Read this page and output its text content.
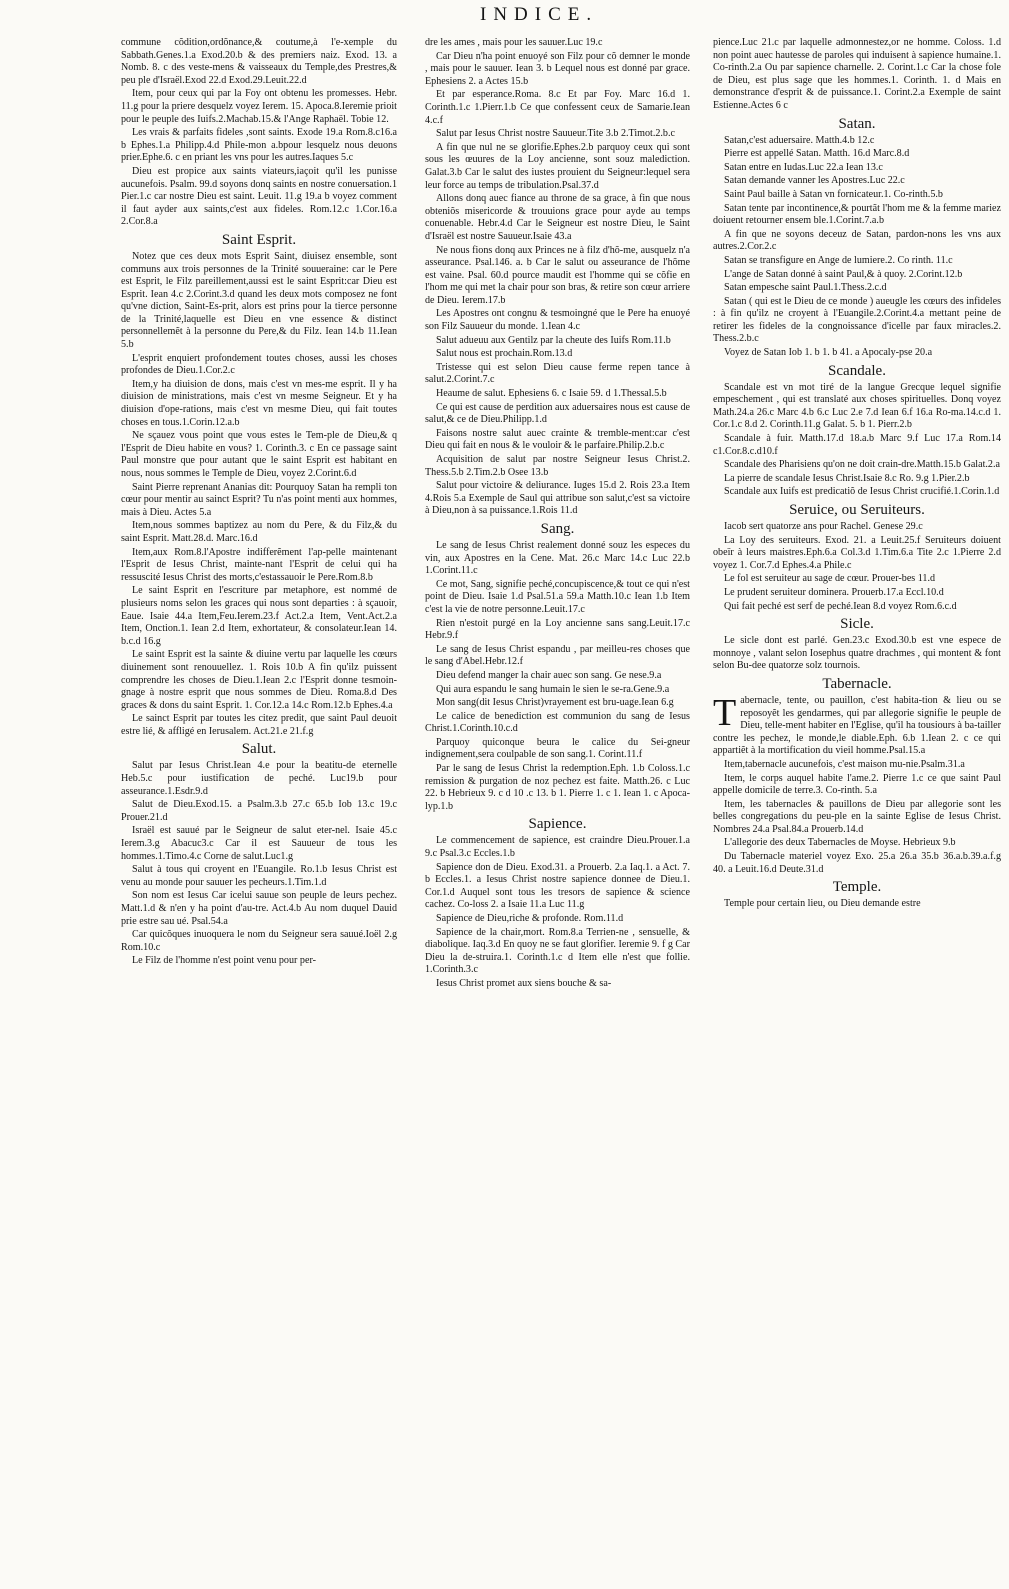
INDICE.

commune cõdition,ordõnance,& coutume,à l'e-xemple du Sabbath.Genes.1.a Exod.20.b & des premiers naiz. Exod. 13. a Nomb. 8. c des veste-mens & vaisseaux du Temple,des Prestres,& peu ple d'Israël.Exod 22.d Exod.29.Leuit.22.d

Item, pour ceux qui par la Foy ont obtenu les promesses. Hebr. 11.g pour la priere desquelz voyez Ierem. 15. Apoca.8.Ieremie prioit pour le peuple des Iuifs.2.Machab.15.& l'Ange Raphaël. Tobie 12.

Les vrais & parfaits fideles ,sont saints. Exode 19.a Rom.8.c16.a b Ephes.1.a Philipp.4.d Phile-mon a.bpour lesquelz nous deuons prier.Ephe.6. c en priant les vns pour les autres.Iaques 5.c

Dieu est propice aux saints viateurs,iaçoit qu'il les punisse aucunefois. Psalm. 99.d soyons donq saints en nostre conuersation.1 Pier.1.c car nostre Dieu est saint. Leuit. 11.g 19.a b voyez comment il faut ayder aux saints,c'est aux fideles. Rom.12.c 1.Cor.16.a 2.Cor.8.a

Saint Esprit.

Notez que ces deux mots Esprit Saint, diuisez ensemble, sont communs aux trois personnes de la Trinité souueraine: car le Pere est Esprit, le Filz pareillement,aussi est le saint Esprit:car Dieu est Esprit. Iean 4.c 2.Corint.3.d quand les deux mots composez ne font qu'vne diction, Saint-Es-prit, alors est prins pour la tierce personne de la Trinité,laquelle est Dieu en vne essence & distinct personnellemẽt à la personne du Pere,& du Filz. Iean 14.b 11.Iean 5.b

L'esprit enquiert profondement toutes choses, aussi les choses profondes de Dieu.1.Cor.2.c

Item,y ha diuision de dons, mais c'est vn mes-me esprit. Il y ha diuision de ministrations, mais c'est vn mesme Seigneur. Et y ha diuision d'ope-rations, mais c'est vn mesme Dieu, qui fait toutes choses en tous.1.Corin.12.a.b

Ne sçauez vous point que vous estes le Tem-ple de Dieu,& q l'Esprit de Dieu habite en vous? 1. Corinth.3. c En ce passage saint Paul monstre que pour autant que le saint Esprit est habitant en nous, nous sommes le Temple de Dieu, voyez 2.Corint.6.d

Saint Pierre reprenant Ananias dit: Pourquoy Satan ha rempli ton cœur pour mentir au sainct Esprit? Tu n'as point menti aux hommes, mais à Dieu. Actes 5.a

Item,nous sommes baptizez au nom du Pere, & du Filz,& du saint Esprit. Matt.28.d. Marc.16.d

Item,aux Rom.8.l'Apostre indifferẽment l'ap-pelle maintenant l'Esprit de Iesus Christ, mainte-nant l'Esprit de celui qui ha ressuscité Iesus Christ des morts,c'estassauoir le Pere.Rom.8.b

Le saint Esprit en l'escriture par metaphore, est nommé de plusieurs noms selon les graces qui nous sont departies : à sçauoir, Eaue. Isaie 44.a Item,Feu.Ierem.23.f Act.2.a Item, Vent.Act.2.a Item, Onction.1. Iean 2.d Item, exhortateur, & consolateur.Iean 14. b.c.d 16.g

Le saint Esprit est la sainte & diuine vertu par laquelle les cœurs diuinement sont renouuellez. 1. Rois 10.b A fin qu'ilz puissent comprendre les choses de Dieu.1.Iean 2.c l'Esprit donne tesmoin-gnage à nostre esprit que nous sommes de Dieu. Roma.8.d Des graces & dons du saint Esprit. 1. Cor.12.a 14.c Rom.12.b Ephes.4.a

Le sainct Esprit par toutes les citez predit, que saint Paul deuoit estre lié, & affligé en Ierusalem. Act.21.e 21.f.g

Salut.

Salut par Iesus Christ.Iean 4.e pour la beatitu-de eternelle Heb.5.c pour iustification de peché. Luc19.b pour asseurance.1.Esdr.9.d

Salut de Dieu.Exod.15. a Psalm.3.b 27.c 65.b Iob 13.c 19.c Prouer.21.d

Israël est sauué par le Seigneur de salut eter-nel. Isaie 45.c Ierem.3.g Abacuc3.c Car il est Sauueur de tous les hommes.1.Timo.4.c Corne de salut.Luc1.g

Salut à tous qui croyent en l'Euangile. Ro.1.b Iesus Christ est venu au monde pour sauuer les pecheurs.1.Tim.1.d

Son nom est Iesus Car icelui sauue son peuple de leurs pechez. Matt.1.d & n'en y ha point d'au-tre. Act.4.b Au nom duquel Dauid prie estre sau ué. Psal.54.a

Car quicõques inuoquera le nom du Seigneur sera sauué.Ioël 2.g Rom.10.c

Le Filz de l'homme n'est point venu pour per-

dre les ames , mais pour les sauuer.Luc 19.c

Car Dieu n'ha point enuoyé son Filz pour cõ demner le monde , mais pour le sauuer. Iean 3. b Lequel nous est donné par grace. Ephesiens 2. a Actes 15.b

Et par esperance.Roma. 8.c Et par Foy. Marc 16.d 1. Corinth.1.c 1.Pierr.1.b Ce que confessent ceux de Samarie.Iean 4.c.f

Salut par Iesus Christ nostre Sauueur.Tite 3.b 2.Timot.2.b.c

A fin que nul ne se glorifie.Ephes.2.b parquoy ceux qui sont sous les œuures de la Loy ancienne, sont souz malediction. Galat.3.b Car le salut des iustes prouient du Seigneur:lequel sera leur force au temps de tribulation.Psal.37.d

Allons donq auec fiance au throne de sa grace, à fin que nous obteniõs misericorde & trouuions grace pour ayde au temps conuenable. Hebr.4.d Car le Seigneur est nostre Dieu, le Saint d'Israël est nostre Sauueur.Isaie 43.a

Ne nous fions donq aux Princes ne à filz d'hõ-me, ausquelz n'a asseurance. Psal.146. a. b Car le salut ou asseurance de l'hõme est vaine. Psal. 60.d pource maudit est l'homme qui se cõfie en l'hom me qui met la chair pour son bras, & retire son cœur arriere de Dieu. Ierem.17.b

Les Apostres ont congnu & tesmoingné que le Pere ha enuoyé son Filz Sauueur du monde. 1.Iean 4.c

Salut adueuu aux Gentilz par la cheute des Iuifs Rom.11.b

Salut nous est prochain.Rom.13.d

Tristesse qui est selon Dieu cause ferme repen tance à salut.2.Corint.7.c

Heaume de salut. Ephesiens 6. c Isaie 59. d 1.Thessal.5.b

Ce qui est cause de perdition aux aduersaires nous est cause de salut,& ce de Dieu.Philipp.1.d

Faisons nostre salut auec crainte & tremble-ment:car c'est Dieu qui fait en nous & le vouloir & le parfaire.Philip.2.b.c

Acquisition de salut par nostre Seigneur Iesus Christ.2. Thess.5.b 2.Tim.2.b Osee 13.b

Salut pour victoire & deliurance. Iuges 15.d 2. Rois 23.a Item 4.Rois 5.a Exemple de Saul qui attribue son salut,c'est sa victoire à Dieu,non à sa puissance.1.Rois 11.d

Sang.

Le sang de Iesus Christ realement donné souz les especes du vin, aux Apostres en la Cene. Mat. 26.c Marc 14.c Luc 22.b 1.Corint.11.c

Ce mot, Sang, signifie peché,concupiscence,& tout ce qui n'est point de Dieu. Isaie 1.d Psal.51.a 59.a Matth.10.c Iean 1.b Item c'est la vie de notre personne.Leuit.17.c

Rien n'estoit purgé en la Loy ancienne sans sang.Leuit.17.c Hebr.9.f

Le sang de Iesus Christ espandu , par meilleu-res choses que le sang d'Abel.Hebr.12.f

Dieu defend manger la chair auec son sang. Ge nese.9.a

Qui aura espandu le sang humain le sien le se-ra.Gene.9.a

Mon sang(dit Iesus Christ)vrayement est bru-uage.Iean 6.g

Le calice de benediction est communion du sang de Iesus Christ.1.Corinth.10.c.d

Parquoy quiconque beura le calice du Sei-gneur indignement,sera coulpable de son sang.1. Corint.11.f

Par le sang de Iesus Christ la redemption.Eph. 1.b Coloss.1.c remission & purgation de noz pechez est faite. Matth.26. c Luc 22. b Hebrieux 9. c d 10 .c 13. b 1. Pierre 1. c 1. Iean 1. c Apoca-lyp.1.b

Sapience.

Le commencement de sapience, est craindre Dieu.Prouer.1.a 9.c Psal.3.c Eccles.1.b

Sapience don de Dieu. Exod.31. a Prouerb. 2.a Iaq.1. a Act. 7. b Eccles.1. a Iesus Christ nostre sapience donnee de Dieu.1. Cor.1.d Auquel sont tous les tresors de sapience & science cachez. Co-loss 2. a Isaie 11.a Luc 11.g

Sapience de Dieu,riche & profonde. Rom.11.d

Sapience de la chair,mort. Rom.8.a Terrien-ne , sensuelle, & diabolique. Iaq.3.d En quoy ne se faut glorifier. Ieremie 9. f g Car Dieu la de-struira.1. Corinth.1.c d Item elle n'est que follie. 1.Corinth.3.c

Iesus Christ promet aux siens bouche & sa-

pience.Luc 21.c par laquelle admonnestez,or ne homme. Coloss. 1.d non point auec hautesse de paroles qui induisent à sapience humaine.1. Co-rinth.2.a Ou par sapience charnelle. 2. Corint.1.c Car la chose fole de Dieu, est plus sage que les hommes.1. Corinth. 1. d Mais en demonstrance d'esprit & de puissance.1. Corint.2.a Exemple de saint Estienne.Actes 6 c

Satan.

Satan,c'est aduersaire. Matth.4.b 12.c

Pierre est appellé Satan. Matth. 16.d Marc.8.d

Satan entre en Iudas.Luc 22.a Iean 13.c

Satan demande vanner les Apostres.Luc 22.c

Saint Paul baille à Satan vn fornicateur.1. Co-rinth.5.b

Satan tente par incontinence,& pourtãt l'hom me & la femme mariez doiuent retourner ensem ble.1.Corint.7.a.b

A fin que ne soyons deceuz de Satan, pardon-nons les vns aux autres.2.Cor.2.c

Satan se transfigure en Ange de lumiere.2. Co rinth. 11.c

L'ange de Satan donné à saint Paul,& à quoy. 2.Corint.12.b

Satan empesche saint Paul.1.Thess.2.c.d

Satan ( qui est le Dieu de ce monde ) aueugle les cœurs des infideles : à fin qu'ilz ne croyent à l'Euangile.2.Corint.4.a mettant peine de retirer les fideles de la congnoissance d'icelle par faux miracles.2. Thess.2.b.c

Voyez de Satan Iob 1. b 1. b 41. a Apocaly-pse 20.a

Scandale.

Scandale est vn mot tiré de la langue Grecque lequel signifie empeschement , qui est translaté aux choses spirituelles. Donq voyez Math.24.a 26.c Marc 4.b 6.c Luc 2.e 7.d Iean 6.f 16.a Ro-ma.14.c.d 1. Cor.1.c 8.d 2. Corinth.11.g Galat. 5. b 1. Pierr.2.b

Scandale à fuir. Matth.17.d 18.a.b Marc 9.f Luc 17.a Rom.14 c1.Cor.8.c.d10.f

Scandale des Pharisiens qu'on ne doit crain-dre.Matth.15.b Galat.2.a

La pierre de scandale Iesus Christ.Isaie 8.c Ro. 9.g 1.Pier.2.b

Scandale aux Iuifs est predicatiõ de Iesus Christ crucifié.1.Corin.1.d

Seruice, ou Seruiteurs.

Iacob sert quatorze ans pour Rachel. Genese 29.c

La Loy des seruiteurs. Exod. 21. a Leuit.25.f Seruiteurs doiuent obeïr à leurs maistres.Eph.6.a Col.3.d 1.Tim.6.a Tite 2.c 1.Pierre 2.d voyez 1. Cor.7.d Ephes.4.a Phile.c

Le fol est seruiteur au sage de cœur. Prouer-bes 11.d

Le prudent seruiteur dominera. Prouerb.17.a Eccl.10.d

Qui fait peché est serf de peché.Iean 8.d voyez Rom.6.c.d

Sicle.

Le sicle dont est parlé. Gen.23.c Exod.30.b est vne espece de monnoye , valant selon Iosephus quatre drachmes , qui montent & font selon Bu-dee quatorze solz tournois.

Tabernacle.

Tabernacle, tente, ou pauillon, c'est habita-tion & lieu ou se reposoyẽt les gendarmes, qui par allegorie signifie le peuple de Dieu, telle-ment habiter en l'Eglise, qu'il ha tousiours à ba-tailler contre les pechez, le monde,le diable.Eph. 6.b 1.Iean 2. c ce qui appartiẽt à la mortification du vieil homme.Psal.15.a

Item,tabernacle aucunefois, c'est maison mu-nie.Psalm.31.a

Item, le corps auquel habite l'ame.2. Pierre 1.c ce que saint Paul appelle domicile de terre.3. Co-rinth. 5.a

Item, les tabernacles & pauillons de Dieu par allegorie sont les belles congregations du peu-ple en la sainte Eglise de Iesus Christ. Nombres 24.a Psal.84.a Prouerb.14.d

L'allegorie des deux Tabernacles de Moyse. Hebrieux 9.b

Du Tabernacle materiel voyez Exo. 25.a 26.a 35.b 36.a.b.39.a.f.g 40. a Leuit.16.d Deute.31.d

Temple.

Temple pour certain lieu, ou Dieu demande estre
